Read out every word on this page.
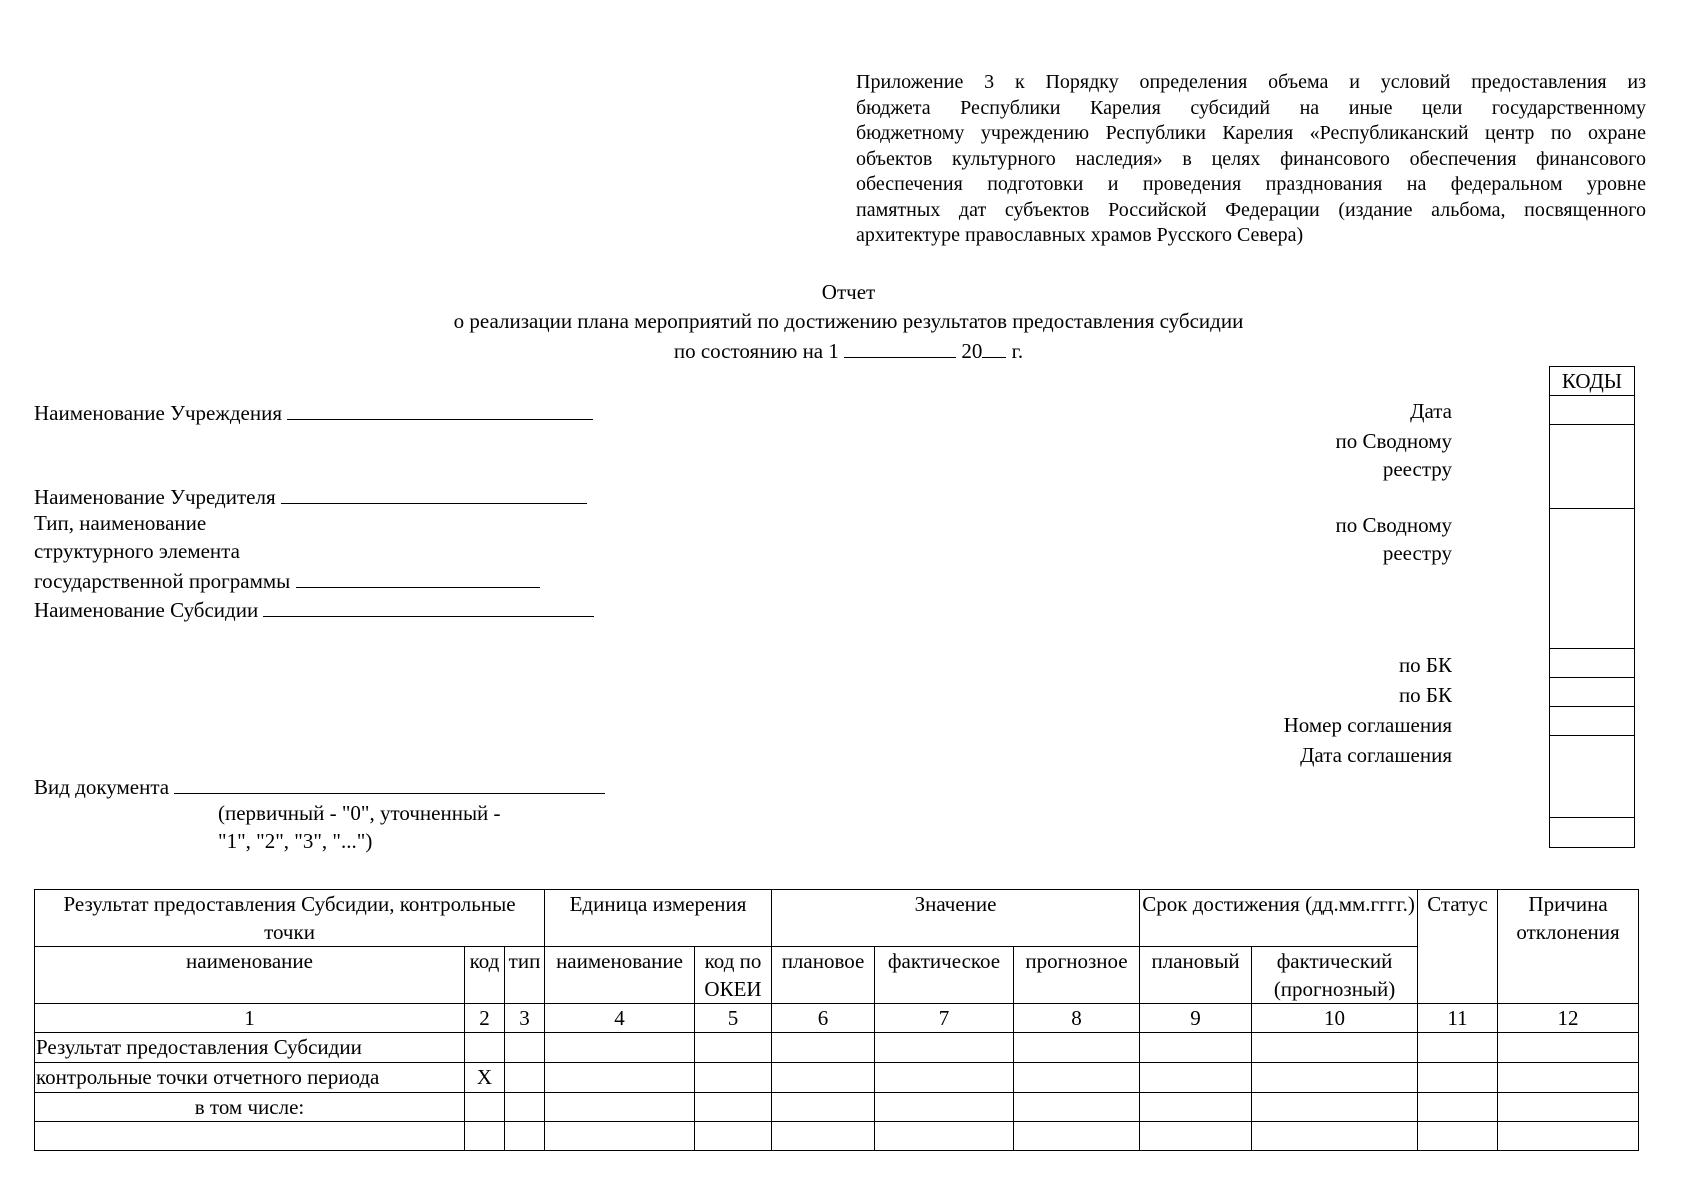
Приложение 3 к Порядку определения объема и условий предоставления из
бюджета Республики Карелия субсидий на иные цели государственному
бюджетному учреждению Республики Карелия «Республиканский центр по охране
объектов культурного наследия» в целях финансового обеспечения финансового
обеспечения подготовки и проведения празднования на федеральном уровне
памятных дат субъектов Российской Федерации (издание альбома, посвященного
архитектуре православных храмов Русского Севера)
Отчет
о реализации плана мероприятий по достижению результатов предоставления субсидии
по состоянию на 1	20 г.
Наименование Учреждения
Наименование Учредителя
Тип, наименование
структурного элемента
государственной программы
Наименование Субсидии
Вид документа
(первичный - "0", уточненный -
"1", "2", "3", "...")
Дата
по Сводному
реестру
по Сводному
реестру
по БК
по БК
Номер соглашения
Дата соглашения
КОДЫ

Результат предоставления Субсидии, контрольные точки			Единица измерения		Значение			Срок достижения (дд.мм.гггг.)		Статус	Причина отклонения
наименование	код	тип	наименование	код по ОКЕИ	плановое	фактическое	прогнозное	плановый	фактический (прогнозный)		
1	2	3	4	5	6	7	8	9	10	11	12
Результат предоставления Субсидии											
контрольные точки отчетного периода	X										
в том числе:											
